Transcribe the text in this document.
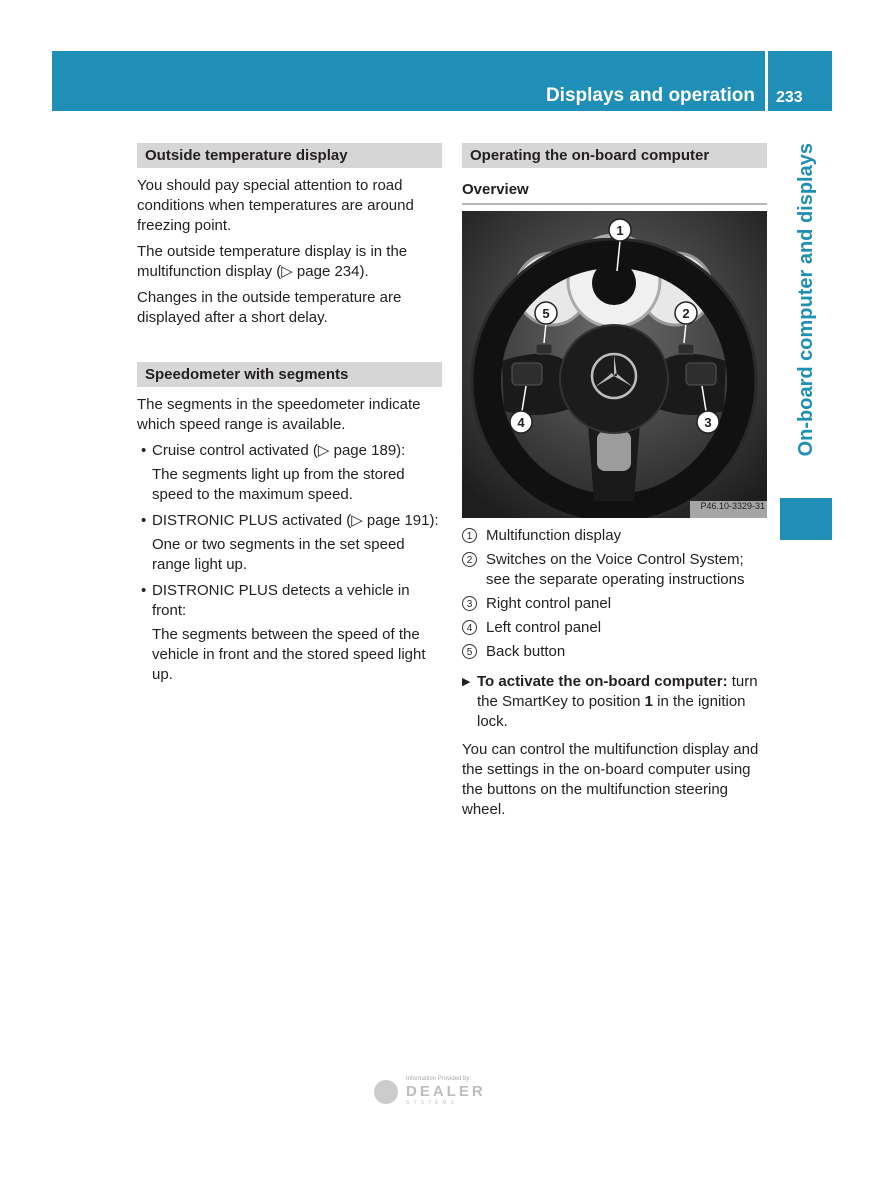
Displays and operation 233
On-board computer and displays
Outside temperature display

You should pay special attention to road conditions when temperatures are around freezing point.

The outside temperature display is in the multifunction display (▷ page 234).

Changes in the outside temperature are displayed after a short delay.

Speedometer with segments

The segments in the speedometer indicate which speed range is available.

• Cruise control activated (▷ page 189):
The segments light up from the stored speed to the maximum speed.
• DISTRONIC PLUS activated (▷ page 191):
One or two segments in the set speed range light up.
• DISTRONIC PLUS detects a vehicle in front:
The segments between the speed of the vehicle in front and the stored speed light up.
Operating the on-board computer
Overview
1
2
3
4
5
P46.10-3329-31
1 Multifunction display
2 Switches on the Voice Control System; see the separate operating instructions
3 Right control panel
4 Left control panel
5 Back button
▶ To activate the on-board computer: turn the SmartKey to position 1 in the ignition lock.

You can control the multifunction display and the settings in the on-board computer using the buttons on the multifunction steering wheel.

Information Provided by:
DEALER
SYSTEMS
